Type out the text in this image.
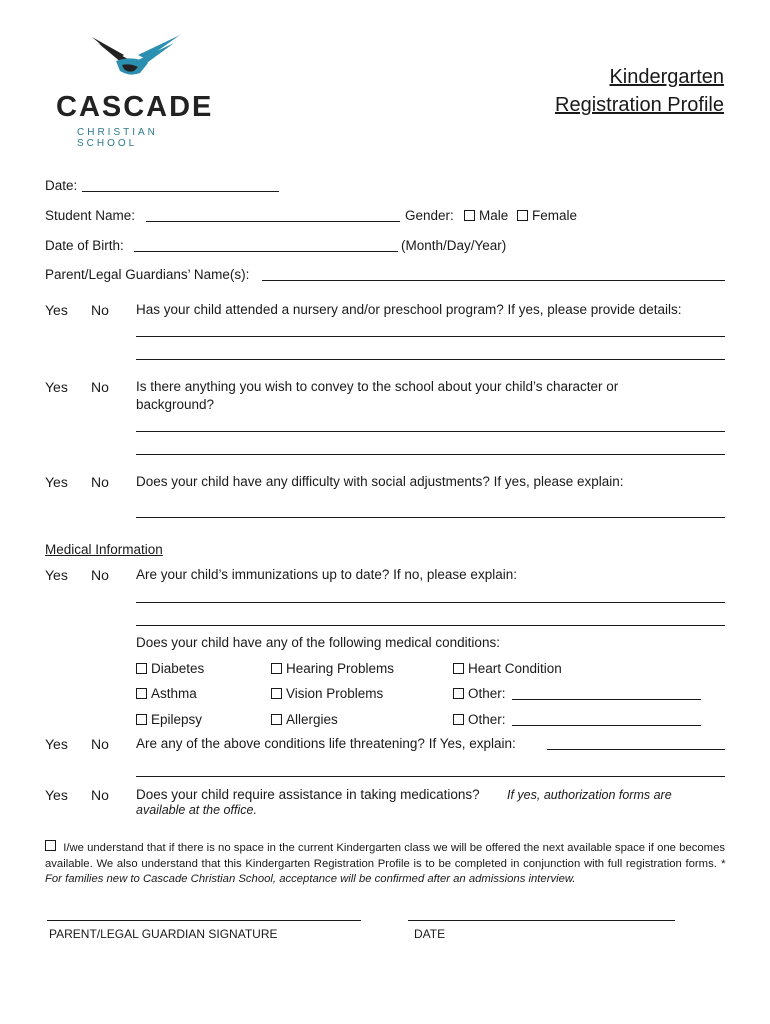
CASCADE
CHRISTIAN SCHOOL
Kindergarten
Registration Profile
Date:
Student Name:	Gender: Male Female
Date of Birth:	(Month/Day/Year)
Parent/Legal Guardians’ Name(s):
Yes No Has your child attended a nursery and/or preschool program? If yes, please provide details:
Yes No Is there anything you wish to convey to the school about your child’s character or
background?
Yes No Does your child have any difficulty with social adjustments? If yes, please explain:
Medical Information
Yes No Are your child’s immunizations up to date? If no, please explain:
Does your child have any of the following medical conditions:
Diabetes	Hearing Problems	Heart Condition
Asthma	Vision Problems	Other:
Epilepsy	Allergies	Other:
Yes No Are any of the above conditions life threatening? If Yes, explain:
Yes No Does your child require assistance in taking medications? If yes, authorization forms are
available at the office.
I/we understand that if there is no space in the current Kindergarten class we will be offered the next available space if one becomes available. We also understand that this Kindergarten Registration Profile is to be completed in conjunction with full registration forms. * For families new to Cascade Christian School, acceptance will be confirmed after an admissions interview.
PARENT/LEGAL GUARDIAN SIGNATURE	DATE
